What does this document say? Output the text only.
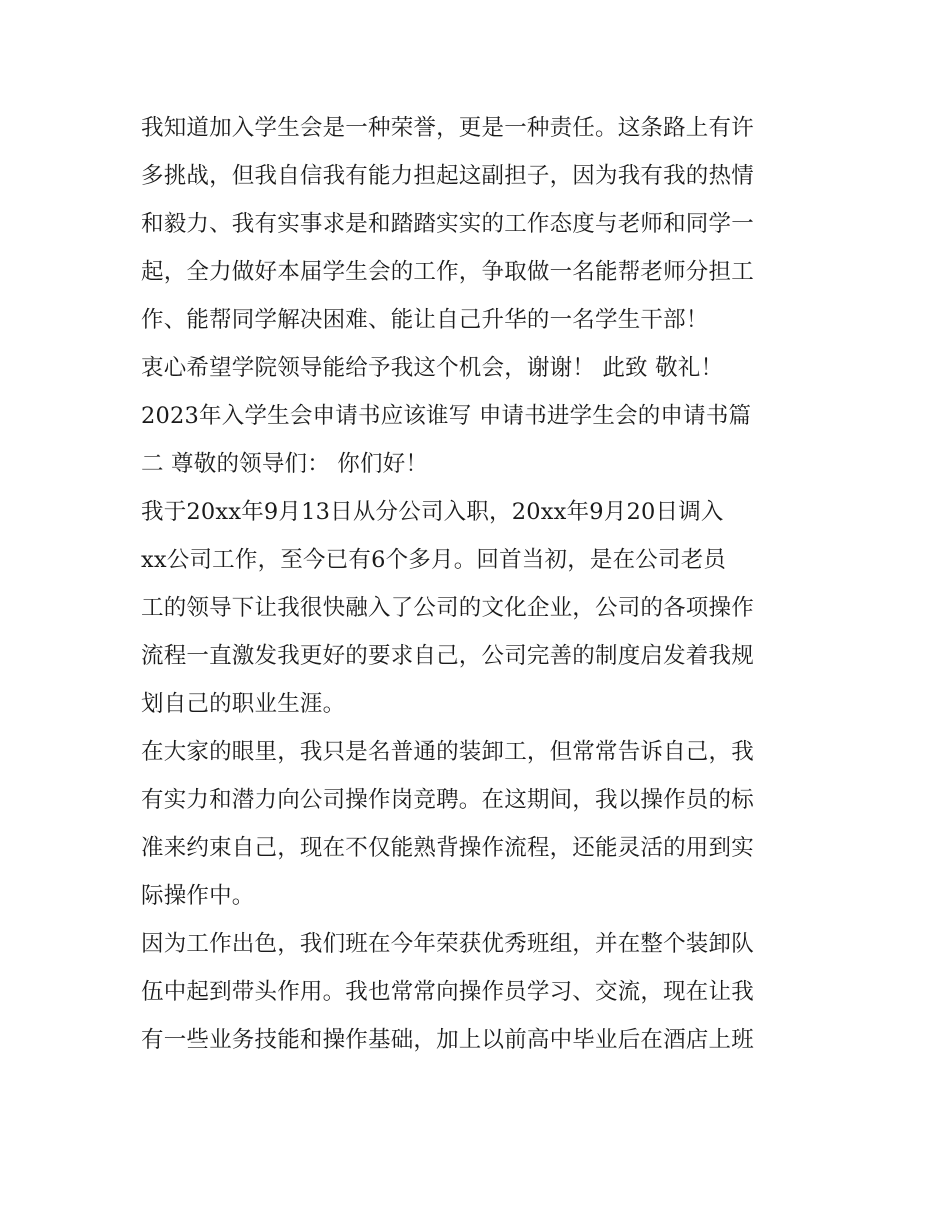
我知道加入学生会是一种荣誉，更是一种责任。这条路上有许
多挑战，但我自信我有能力担起这副担子，因为我有我的热情
和毅力、我有实事求是和踏踏实实的工作态度与老师和同学一
起，全力做好本届学生会的工作，争取做一名能帮老师分担工
作、能帮同学解决困难、能让自己升华的一名学生干部！
衷心希望学院领导能给予我这个机会，谢谢！ 此致 敬礼！
2023年入学生会申请书应该谁写 申请书进学生会的申请书篇
二 尊敬的领导们： 你们好！
我于20xx年9月13日从分公司入职，20xx年9月20日调入
xx公司工作，至今已有6个多月。回首当初，是在公司老员
工的领导下让我很快融入了公司的文化企业，公司的各项操作
流程一直激发我更好的要求自己，公司完善的制度启发着我规
划自己的职业生涯。
在大家的眼里，我只是名普通的装卸工，但常常告诉自己，我
有实力和潜力向公司操作岗竞聘。在这期间，我以操作员的标
准来约束自己，现在不仅能熟背操作流程，还能灵活的用到实
际操作中。
因为工作出色，我们班在今年荣获优秀班组，并在整个装卸队
伍中起到带头作用。我也常常向操作员学习、交流，现在让我
有一些业务技能和操作基础，加上以前高中毕业后在酒店上班
